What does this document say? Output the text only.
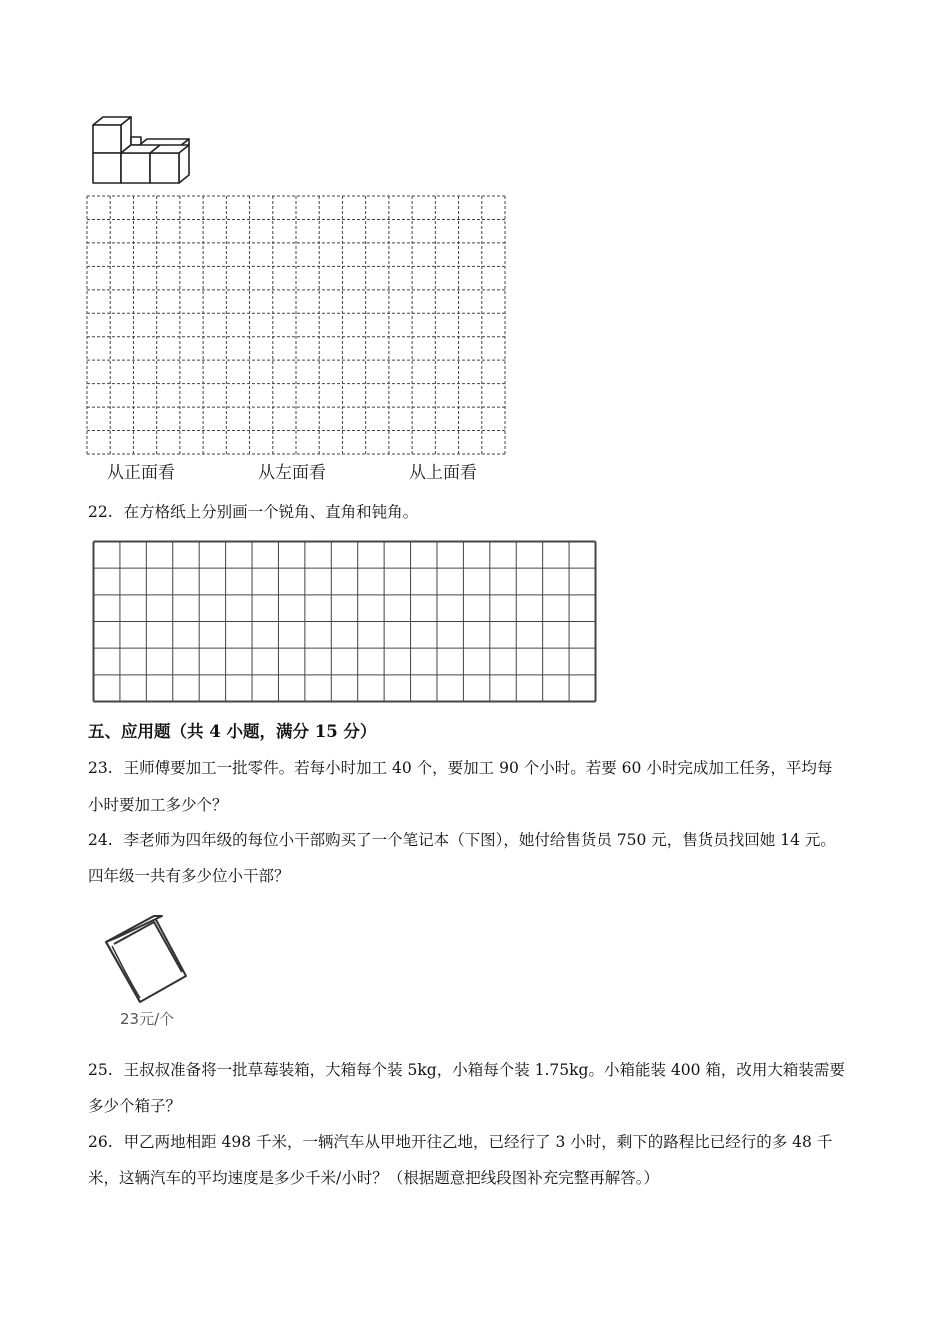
从正面看	从左面看	从上面看
22. 在方格纸上分别画一个锐角、直角和钝角。
五、应用题（共 4 小题，满分 15 分）
23. 王师傅要加工一批零件。若每小时加工 40 个，要加工 90 个小时。若要 60 小时完成加工任务，平均每
小时要加工多少个？
24. 李老师为四年级的每位小干部购买了一个笔记本（下图），她付给售货员 750 元，售货员找回她 14 元。
四年级一共有多少位小干部？
23元/个
25. 王叔叔准备将一批草莓装箱，大箱每个装 5kg，小箱每个装 1.75kg。小箱能装 400 箱，改用大箱装需要
多少个箱子？
26. 甲乙两地相距 498 千米，一辆汽车从甲地开往乙地，已经行了 3 小时，剩下的路程比已经行的多 48 千
米，这辆汽车的平均速度是多少千米/小时？（根据题意把线段图补充完整再解答。）
